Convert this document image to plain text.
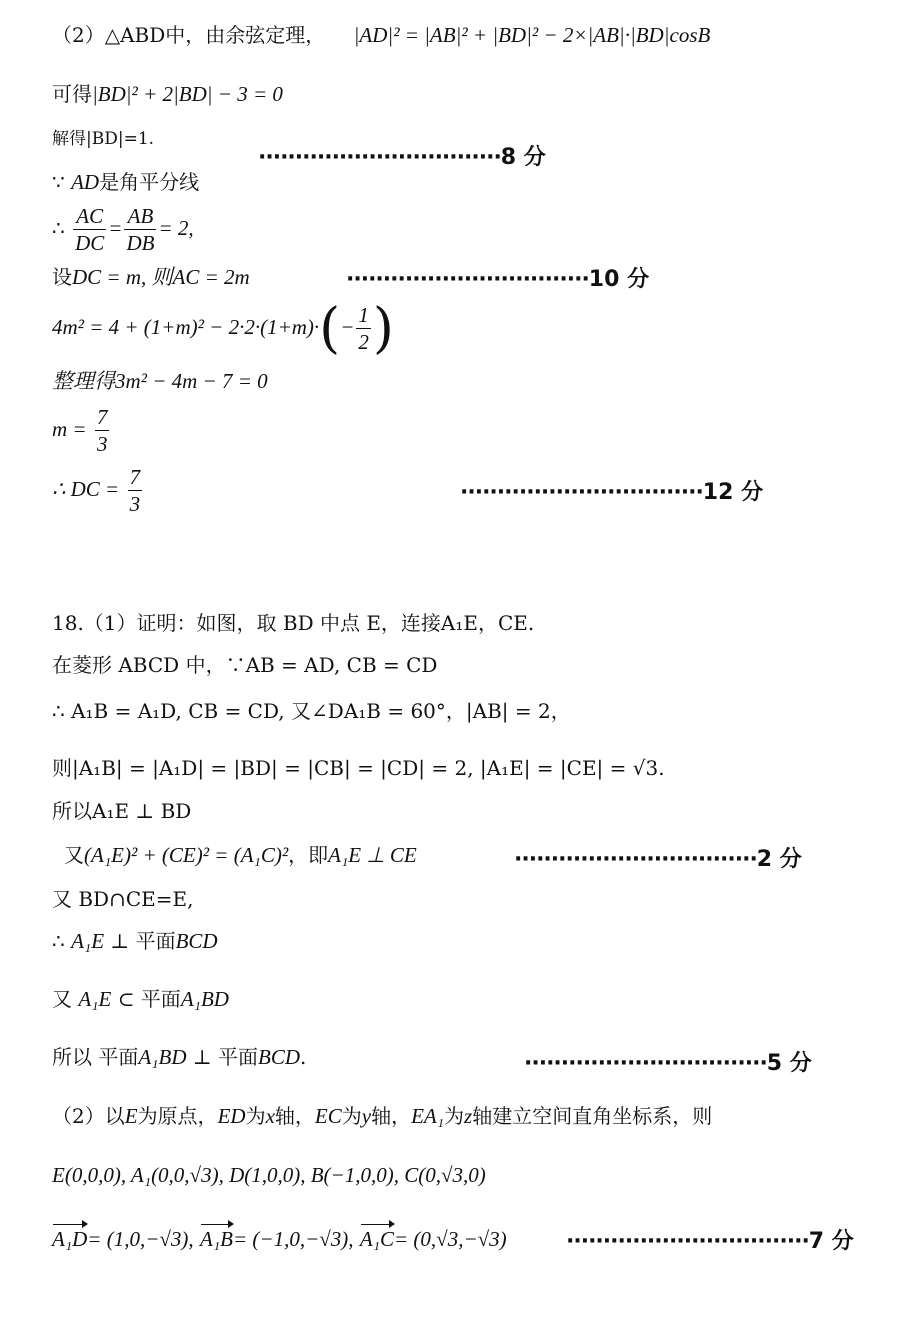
（2）△ABD中，由余弦定理， |AD|² = |AB|² + |BD|² − 2×|AB|·|BD|cosB
可得|BD|² + 2|BD| − 3 = 0
解得|BD|=1.
·································8 分
∵ AD是角平分线
∴ $\frac{AC}{DC} = \frac{AB}{DB} = 2$,
设DC = m, 则AC = 2m	·································10 分
$4m^2 = 4 + (1+m)^2 - 2\cdot 2\cdot(1+m)\cdot(- \frac{1}{2}$ )
整理得3m² − 4m − 7 = 0
$m = \frac{7}{3}$
∴ DC = $\frac{7}{3}$	·································12 分
18.（1）证明：如图，取 BD 中点 E，连接A₁E，CE.
在菱形 ABCD 中，∵AB = AD, CB = CD
∴ A₁B = A₁D, CB = CD, 又∠DA₁B = 60°，|AB| = 2，
则|A₁B| = |A₁D| = |BD| = |CB| = |CD| = 2, |A₁E| = |CE| = √3.
所以A₁E ⊥ BD
又(A₁E)² + (CE)² = (A₁C)²，即A₁E ⊥ CE	·································2 分
又 BD∩CE=E,
∴ A₁E ⊥ 平面BCD
又 A₁E ⊂ 平面A₁BD
所以 平面A₁BD ⊥ 平面BCD.	·································5 分
（2）以E为原点，ED为x轴，EC为y轴，EA₁为z轴建立空间直角坐标系，则
E(0,0,0), A₁(0,0,√3), D(1,0,0), B(−1,0,0), C(0,√3,0)
A₁D= (1,0,−√3), A₁B= (−1,0,−√3), A₁C= (0,√3,−√3)	·································7 分
